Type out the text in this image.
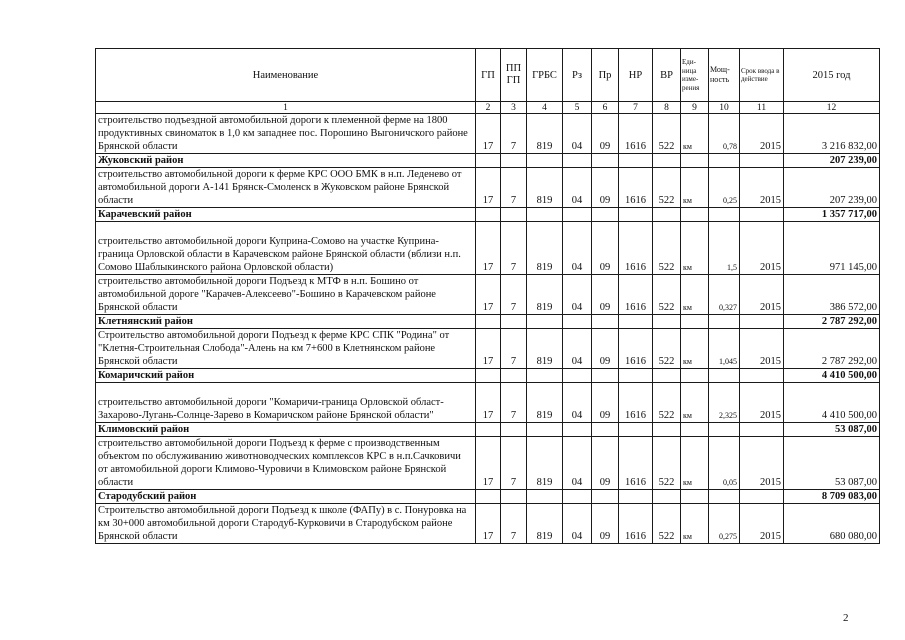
Наименование	ГП	ПП ГП	ГРБС	Рз	Пр	НР	ВР	Еди-ница изме-рения	Мощ-ность	Срок ввода в действие	2015 год
1	2	3	4	5	6	7	8	9	10	11	12
строительство подъездной автомобильной дороги к племенной ферме на 1800 продуктивных свиноматок в 1,0 км западнее пос. Порошино Выгоничского районе Брянской области	17	7	819	04	09	1616	522	км	0,78	2015	3 216 832,00
Жуковский район											207 239,00
строительство автомобильной дороги к ферме КРС ООО БМК в н.п. Леденево от автомобильной дороги А-141 Брянск-Смоленск в Жуковском районе Брянской области	17	7	819	04	09	1616	522	км	0,25	2015	207 239,00
Карачевский район											1 357 717,00

строительство автомобильной дороги Куприна-Сомово на участке Куприна-граница Орловской области в Карачевском районе Брянской области (вблизи н.п. Сомово Шаблыкинского района Орловской области)	17	7	819	04	09	1616	522	км	1,5	2015	971 145,00
строительство автомобильной дороги Подъезд к МТФ в н.п. Бошино от автомобильной дороге "Карачев-Алексеево"-Бошино в Карачевском районе Брянской области	17	7	819	04	09	1616	522	км	0,327	2015	386 572,00
Клетнянский район											2 787 292,00
Строительство автомобильной дороги Подъезд к ферме КРС СПК "Родина" от "Клетня-Строительная Слобода"-Алень на км 7+600 в Клетнянском районе Брянской области	17	7	819	04	09	1616	522	км	1,045	2015	2 787 292,00
Комаричский район											4 410 500,00

строительство автомобильной дороги "Комаричи-граница Орловской област-Захарово-Лугань-Солнце-Зарево в Комаричском районе Брянской области"	17	7	819	04	09	1616	522	км	2,325	2015	4 410 500,00
Климовский район											53 087,00
строительство автомобильной дороги Подъезд к ферме с производственным объектом по обслуживанию животноводческих комплексов КРС в н.п.Сачковичи от автомобильной дороги Климово-Чуровичи в Климовском районе Брянской области	17	7	819	04	09	1616	522	км	0,05	2015	53 087,00
Стародубский район											8 709 083,00
Строительство автомобильной дороги Подъезд к школе (ФАПу) в с. Понуровка на км 30+000 автомобильной дороги Стародуб-Курковичи в Стародубском районе Брянской области	17	7	819	04	09	1616	522	км	0,275	2015	680 080,00
2
